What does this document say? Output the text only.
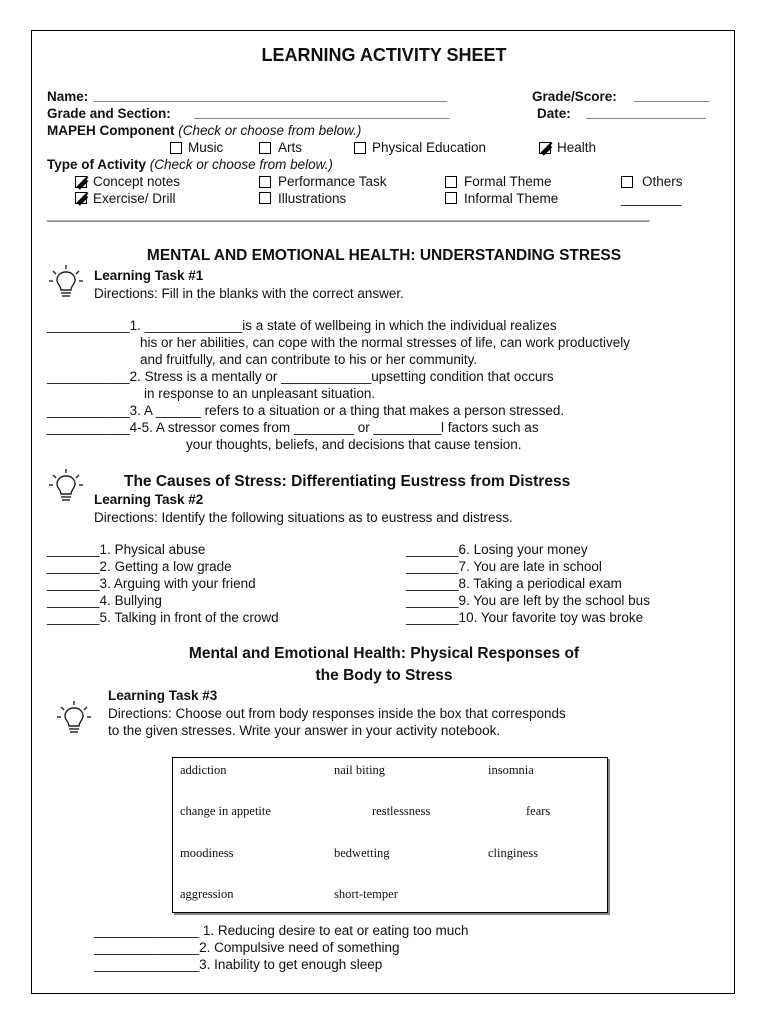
LEARNING ACTIVITY SHEET
Name: _______________________________________________	Grade/Score: __________
Grade and Section: __________________________________	Date: ________________
MAPEH Component (Check or choose from below.)
Music	Arts	Physical Education	Health
Type of Activity (Check or choose from below.)
Concept notes	Performance Task	Formal Theme	Others
Exercise/ Drill	Illustrations	Informal Theme	________
______________________________________________________________________________________
MENTAL AND EMOTIONAL HEALTH: UNDERSTANDING STRESS
Learning Task #1
Directions: Fill in the blanks with the correct answer.
___________1. _____________is a state of wellbeing in which the individual realizes
his or her abilities, can cope with the normal stresses of life, can work productively
and fruitfully, and can contribute to his or her community.
___________2. Stress is a mentally or ____________upsetting condition that occurs
in response to an unpleasant situation.
___________3. A ______ refers to a situation or a thing that makes a person stressed.
___________4-5. A stressor comes from ________ or _________l factors such as
your thoughts, beliefs, and decisions that cause tension.
The Causes of Stress: Differentiating Eustress from Distress
Learning Task #2
Directions: Identify the following situations as to eustress and distress.
_______1. Physical abuse
_______2. Getting a low grade
_______3. Arguing with your friend
_______4. Bullying
_______5. Talking in front of the crowd
_______6. Losing your money
_______7. You are late in school
_______8. Taking a periodical exam
_______9. You are left by the school bus
_______10. Your favorite toy was broke
Mental and Emotional Health: Physical Responses of
the Body to Stress
Learning Task #3
Directions: Choose out from body responses inside the box that corresponds
to the given stresses. Write your answer in your activity notebook.
addiction	nail biting	insomnia
change in appetite	restlessness	fears
moodiness	bedwetting	clinginess
aggression	short-temper
______________ 1. Reducing desire to eat or eating too much
______________2. Compulsive need of something
______________3. Inability to get enough sleep
